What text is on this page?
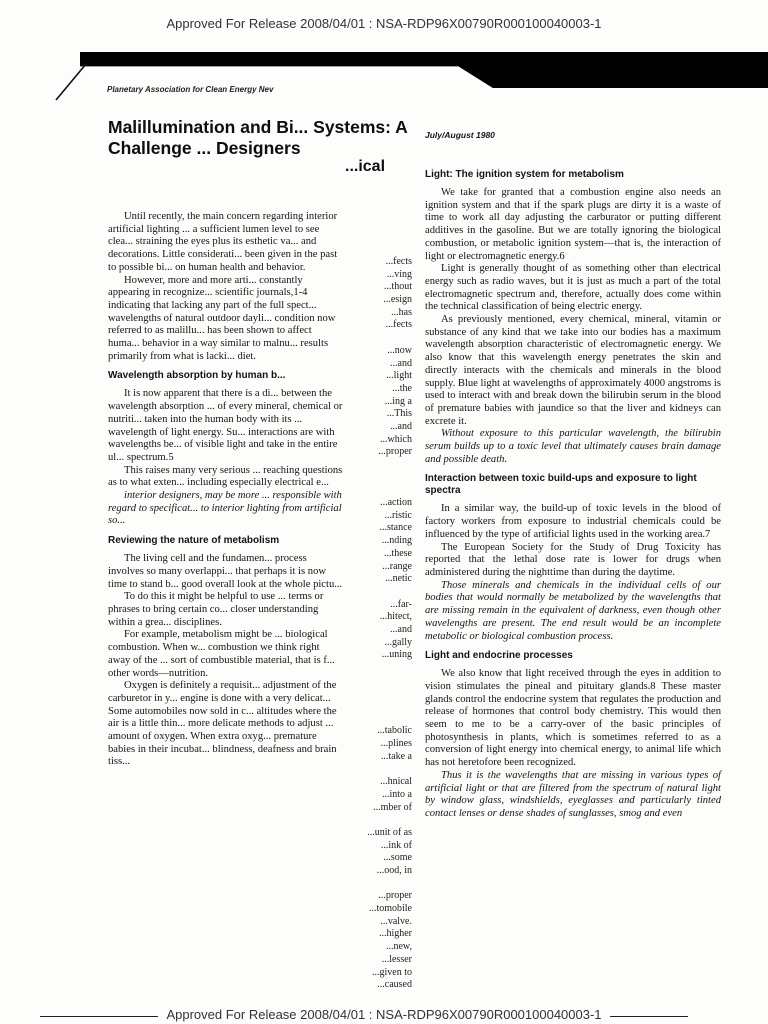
Approved For Release 2008/04/01 : NSA-RDP96X00790R000100040003-1
Planetary Association for Clean Energy Nev
Malillumination and Bi... Systems: A Challenge ... Designers
...ical
July/August 1980

Until recently, the main concern regarding interior artificial lighting ... a sufficient lumen level to see clea... straining the eyes plus its esthetic va... and decorations. Little considerati... been given in the past to possible bi... on human health and behavior.

However, more and more arti... constantly appearing in recognize... scientific journals,1-4 indicating that lacking any part of the full spect... wavelengths of natural outdoor dayli... condition now referred to as malillu... has been shown to affect huma... behavior in a way similar to malnu... results primarily from what is lacki... diet.

Wavelength absorption by human b...

It is now apparent that there is a di... between the wavelength absorption ... of every mineral, chemical or nutriti... taken into the human body with its ... wavelength of light energy. Su... interactions are with wavelengths be... of visible light and take in the entire ul... spectrum.5

This raises many very serious ... reaching questions as to what exten... including especially electrical e...

interior designers, may be more ... responsible with regard to specificat... to interior lighting from artificial so...

Reviewing the nature of metabolism

The living cell and the fundamen... process involves so many overlappi... that perhaps it is now time to stand b... good overall look at the whole pictu...

To do this it might be helpful to use ... terms or phrases to bring certain co... closer understanding within a grea... disciplines.

For example, metabolism might be ... biological combustion. When w... combustion we think right away of the ... sort of combustible material, that is f... other words—nutrition.

Oxygen is definitely a requisit... adjustment of the carburetor in y... engine is done with a very delicat... Some automobiles now sold in c... altitudes where the air is a little thin... more delicate methods to adjust ... amount of oxygen. When extra oxyg... premature babies in their incubat... blindness, deafness and brain tiss...

...fects
...ving
...thout
...esign
...has
...fects
...now
...and
...light
...the
...ing a
...This
...and
...which
...proper
...action
...ristic
...stance
...nding
...these
...range
...netic
...far-
...hitect,
...and
...gally
...uning
...tabolic
...plines
...take a
...hnical
...into a
...mber of
...unit of as
...ink of
...some
...ood, in
...proper
...tomobile
...valve.
...higher
...new,
...lesser
...given to
...caused
Light: The ignition system for metabolism

We take for granted that a combustion engine also needs an ignition system and that if the spark plugs are dirty it is a waste of time to work all day adjusting the carburator or putting different additives in the gasoline. But we are totally ignoring the biological combustion, or metabolic ignition system—that is, the interaction of light or electromagnetic energy.6

Light is generally thought of as something other than electrical energy such as radio waves, but it is just as much a part of the total electromagnetic spectrum and, therefore, actually does come within the technical classification of being electric energy.

As previously mentioned, every chemical, mineral, vitamin or substance of any kind that we take into our bodies has a maximum wavelength absorption characteristic of electromagnetic energy. We also know that this wavelength energy penetrates the skin and directly interacts with the chemicals and minerals in the blood supply. Blue light at wavelengths of approximately 4000 angstroms is used to interact with and break down the bilirubin serum in the blood of premature babies with jaundice so that the liver and kidneys can excrete it.

Without exposure to this particular wavelength, the bilirubin serum builds up to a toxic level that ultimately causes brain damage and possible death.

Interaction between toxic build-ups and exposure to light spectra

In a similar way, the build-up of toxic levels in the blood of factory workers from exposure to industrial chemicals could be influenced by the type of artificial lights used in the working area.7

The European Society for the Study of Drug Toxicity has reported that the lethal dose rate is lower for drugs when administered during the nighttime than during the daytime.

Those minerals and chemicals in the individual cells of our bodies that would normally be metabolized by the wavelengths that are missing remain in the equivalent of darkness, even though other wavelengths are present. The end result would be an incomplete metabolic or biological combustion process.

Light and endocrine processes

We also know that light received through the eyes in addition to vision stimulates the pineal and pituitary glands.8 These master glands control the endocrine system that regulates the production and release of hormones that control body chemistry. This would then seem to me to be a carry-over of the basic principles of photosynthesis in plants, which is sometimes referred to as a conversion of light energy into chemical energy, to animal life which has not heretofore been recognized.

Thus it is the wavelengths that are missing in various types of artificial light or that are filtered from the spectrum of natural light by window glass, windshields, eyeglasses and particularly tinted contact lenses or dense shades of sunglasses, smog and even

Approved For Release 2008/04/01 : NSA-RDP96X00790R000100040003-1
